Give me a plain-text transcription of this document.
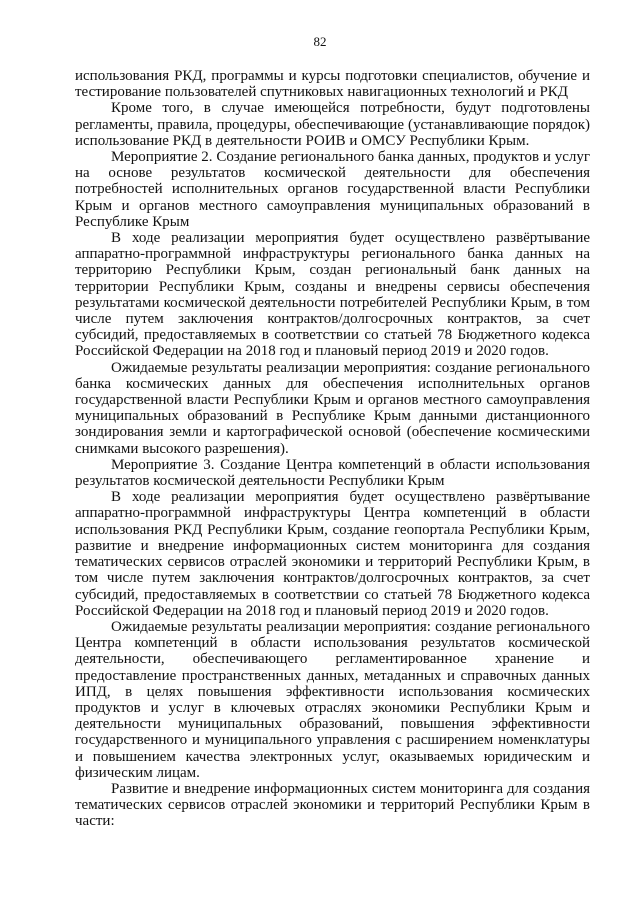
82

использования РКД, программы и курсы подготовки специалистов, обучение и тестирование пользователей спутниковых навигационных технологий и РКД

Кроме того, в случае имеющейся потребности, будут подготовлены регламенты, правила, процедуры, обеспечивающие (устанавливающие порядок) использование РКД в деятельности РОИВ и ОМСУ Республики Крым.

Мероприятие 2. Создание регионального банка данных, продуктов и услуг на основе результатов космической деятельности для обеспечения потребностей исполнительных органов государственной власти Республики Крым и органов местного самоуправления муниципальных образований в Республике Крым

В ходе реализации мероприятия будет осуществлено развёртывание аппаратно-программной инфраструктуры регионального банка данных на территорию Республики Крым, создан региональный банк данных на территории Республики Крым, созданы и внедрены сервисы обеспечения результатами космической деятельности потребителей Республики Крым, в том числе путем заключения контрактов/долгосрочных контрактов, за счет субсидий, предоставляемых в соответствии со статьей 78 Бюджетного кодекса Российской Федерации на 2018 год и плановый период 2019 и 2020 годов.

Ожидаемые результаты реализации мероприятия: создание регионального банка космических данных для обеспечения исполнительных органов государственной власти Республики Крым и органов местного самоуправления муниципальных образований в Республике Крым данными дистанционного зондирования земли и картографической основой (обеспечение космическими снимками высокого разрешения).

Мероприятие 3. Создание Центра компетенций в области использования результатов космической деятельности Республики Крым

В ходе реализации мероприятия будет осуществлено развёртывание аппаратно-программной инфраструктуры Центра компетенций в области использования РКД Республики Крым, создание геопортала Республики Крым, развитие и внедрение информационных систем мониторинга для создания тематических сервисов отраслей экономики и территорий Республики Крым, в том числе путем заключения контрактов/долгосрочных контрактов, за счет субсидий, предоставляемых в соответствии со статьей 78 Бюджетного кодекса Российской Федерации на 2018 год и плановый период 2019 и 2020 годов.

Ожидаемые результаты реализации мероприятия: создание регионального Центра компетенций в области использования результатов космической деятельности, обеспечивающего регламентированное хранение и предоставление пространственных данных, метаданных и справочных данных ИПД, в целях повышения эффективности использования космических продуктов и услуг в ключевых отраслях экономики Республики Крым и деятельности муниципальных образований, повышения эффективности государственного и муниципального управления с расширением номенклатуры и повышением качества электронных услуг, оказываемых юридическим и физическим лицам.

Развитие и внедрение информационных систем мониторинга для создания тематических сервисов отраслей экономики и территорий Республики Крым в части:
